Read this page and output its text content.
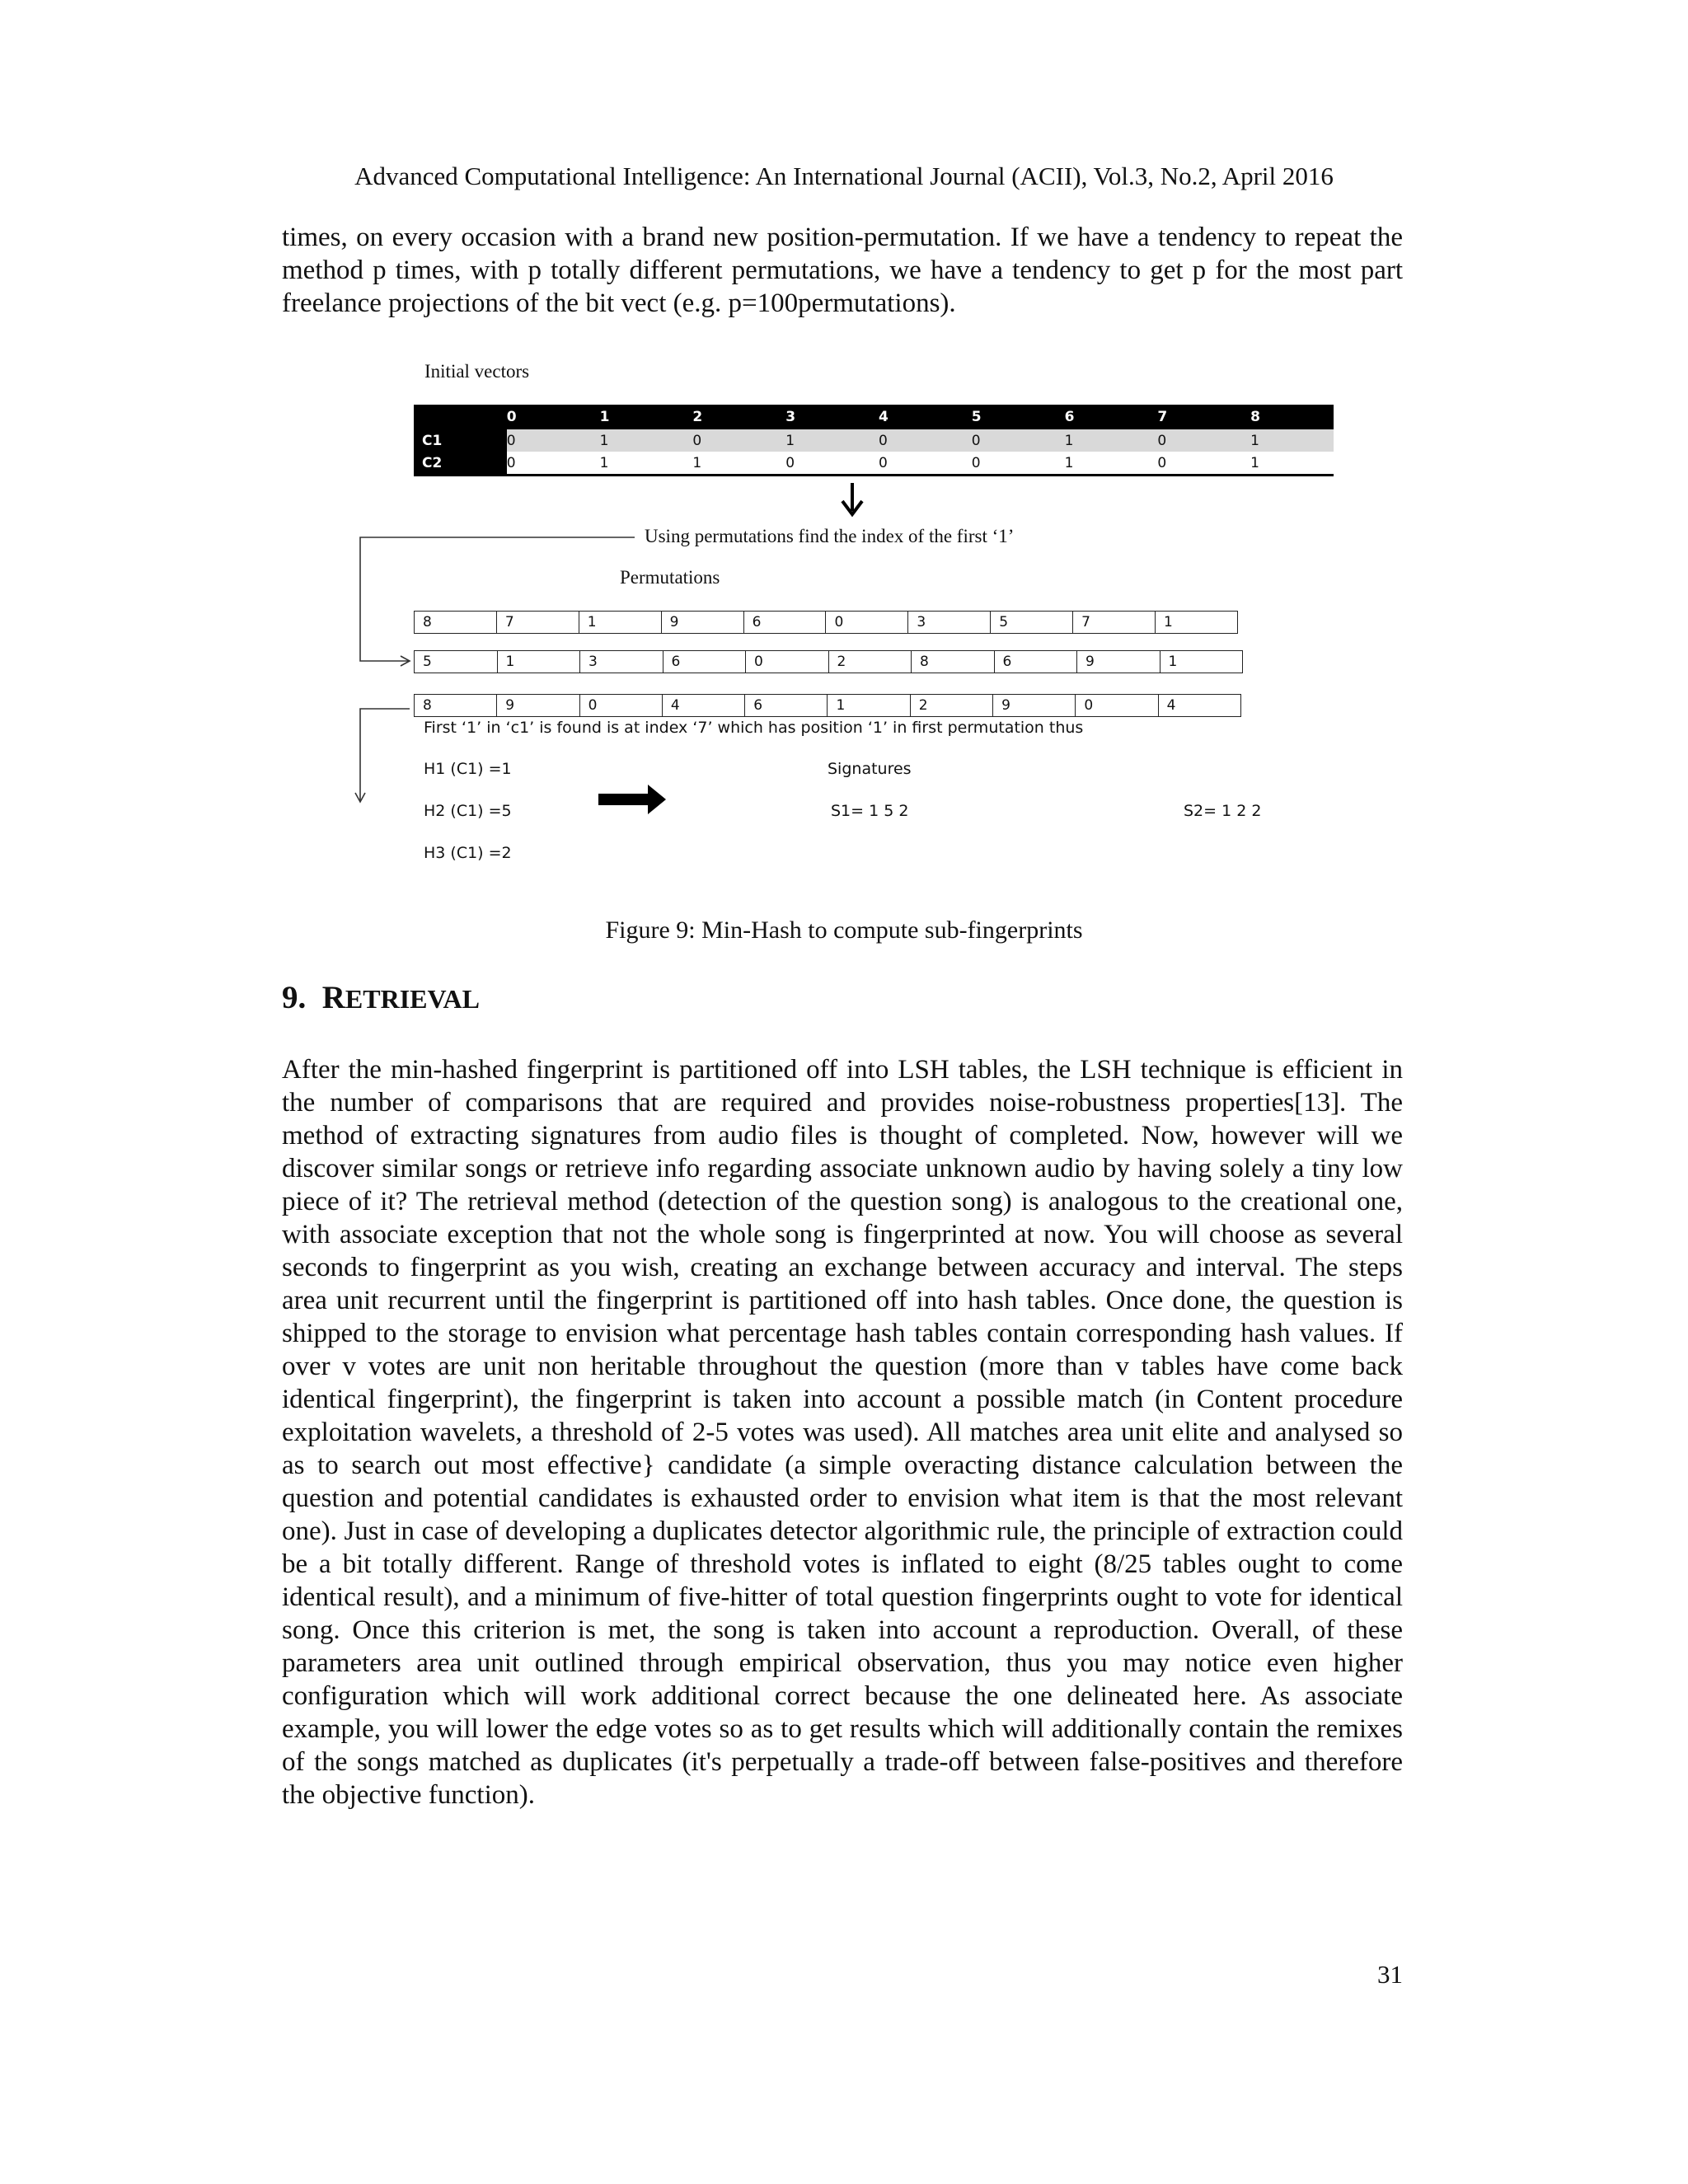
Advanced Computational Intelligence: An International Journal (ACII), Vol.3, No.2, April 2016
times, on every occasion with a brand new position-permutation. If we have a tendency to repeat the method p times, with p totally different permutations, we have a tendency to get p for the most part freelance projections of the bit vect (e.g. p=100permutations).
Initial vectors
	0	1	2	3	4	5	6	7	8
C1	0	1	0	1	0	0	1	0	1
C2	0	1	1	0	0	0	1	0	1
Using permutations find the index of the first ‘1’
Permutations
8	7	1	9	6	0	3	5	7	1
5	1	3	6	0	2	8	6	9	1
8	9	0	4	6	1	2	9	0	4
First ‘1’ in ‘c1’ is found is at index ‘7’ which has position ‘1’ in first permutation thus
H1 (C1) =1
H2 (C1) =5
H3 (C1) =2
Signatures
S1= 1 5 2	S2= 1 2 2
Figure 9: Min-Hash to compute sub-fingerprints
9. RETRIEVAL
After the min-hashed fingerprint is partitioned off into LSH tables, the LSH technique is efficient in the number of comparisons that are required and provides noise-robustness properties[13]. The method of extracting signatures from audio files is thought of completed. Now, however will we discover similar songs or retrieve info regarding associate unknown audio by having solely a tiny low piece of it? The retrieval method (detection of the question song) is analogous to the creational one, with associate exception that not the whole song is fingerprinted at now. You will choose as several seconds to fingerprint as you wish, creating an exchange between accuracy and interval. The steps area unit recurrent until the fingerprint is partitioned off into hash tables. Once done, the question is shipped to the storage to envision what percentage hash tables contain corresponding hash values. If over v votes are unit non heritable throughout the question (more than v tables have come back identical fingerprint), the fingerprint is taken into account a possible match (in Content procedure exploitation wavelets, a threshold of 2-5 votes was used). All matches area unit elite and analysed so as to search out most effective} candidate (a simple overacting distance calculation between the question and potential candidates is exhausted order to envision what item is that the most relevant one). Just in case of developing a duplicates detector algorithmic rule, the principle of extraction could be a bit totally different. Range of threshold votes is inflated to eight (8/25 tables ought to come identical result), and a minimum of five-hitter of total question fingerprints ought to vote for identical song. Once this criterion is met, the song is taken into account a reproduction. Overall, of these parameters area unit outlined through empirical observation, thus you may notice even higher configuration which will work additional correct because the one delineated here. As associate example, you will lower the edge votes so as to get results which will additionally contain the remixes of the songs matched as duplicates (it's perpetually a trade-off between false-positives and therefore the objective function).
31
